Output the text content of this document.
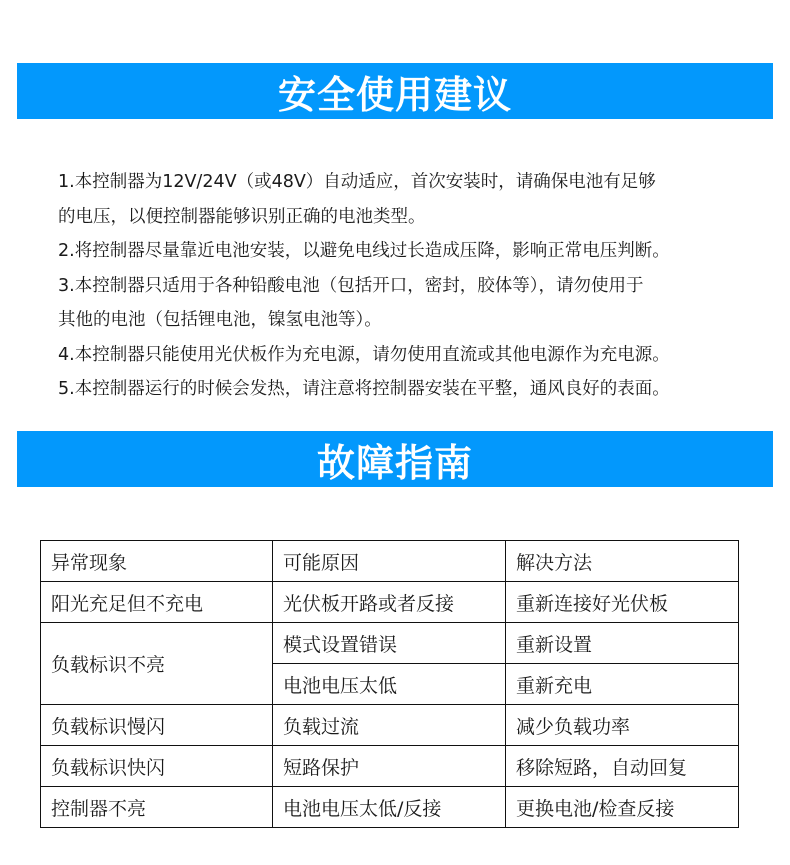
安全使用建议
1.本控制器为12V/24V（或48V）自动适应，首次安装时，请确保电池有足够
的电压，以便控制器能够识别正确的电池类型。
2.将控制器尽量靠近电池安装，以避免电线过长造成压降，影响正常电压判断。
3.本控制器只适用于各种铅酸电池（包括开口，密封，胶体等），请勿使用于
其他的电池（包括锂电池，镍氢电池等）。
4.本控制器只能使用光伏板作为充电源，请勿使用直流或其他电源作为充电源。
5.本控制器运行的时候会发热，请注意将控制器安装在平整，通风良好的表面。
故障指南
异常现象	可能原因	解决方法
阳光充足但不充电	光伏板开路或者反接	重新连接好光伏板
负载标识不亮	模式设置错误	重新设置
	电池电压太低	重新充电
负载标识慢闪	负载过流	减少负载功率
负载标识快闪	短路保护	移除短路，自动回复
控制器不亮	电池电压太低/反接	更换电池/检查反接
